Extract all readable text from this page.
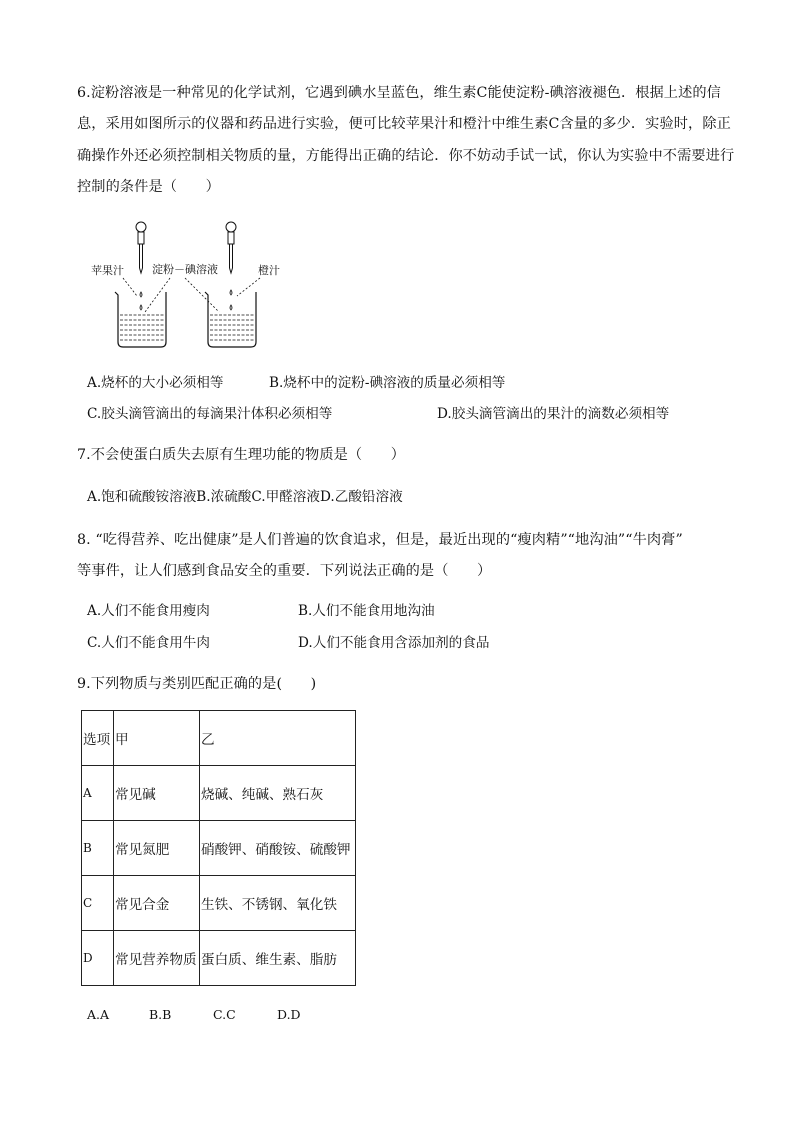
6.淀粉溶液是一种常见的化学试剂，它遇到碘水呈蓝色，维生素C能使淀粉-碘溶液褪色．根据上述的信
息，采用如图所示的仪器和药品进行实验，便可比较苹果汁和橙汁中维生素C含量的多少．实验时，除正
确操作外还必须控制相关物质的量，方能得出正确的结论．你不妨动手试一试，你认为实验中不需要进行
控制的条件是（　　）
苹果汁	淀粉－碘溶液	橙汁
A.烧杯的大小必须相等	B.烧杯中的淀粉-碘溶液的质量必须相等
C.胶头滴管滴出的每滴果汁体积必须相等	D.胶头滴管滴出的果汁的滴数必须相等
7.不会使蛋白质失去原有生理功能的物质是（　　）
A.饱和硫酸铵溶液B.浓硫酸C.甲醛溶液D.乙酸铅溶液
8. “吃得营养、吃出健康”是人们普遍的饮食追求，但是，最近出现的“瘦肉精”“地沟油”“牛肉膏”
等事件，让人们感到食品安全的重要．下列说法正确的是（　　）
A.人们不能食用瘦肉	B.人们不能食用地沟油
C.人们不能食用牛肉	D.人们不能食用含添加剂的食品
9.下列物质与类别匹配正确的是(　　)
选项	甲	乙
A	常见碱	烧碱、纯碱、熟石灰
B	常见氮肥	硝酸钾、硝酸铵、硫酸钾
C	常见合金	生铁、不锈钢、氧化铁
D	常见营养物质	蛋白质、维生素、脂肪
A.A	B.B	C.C	D.D
